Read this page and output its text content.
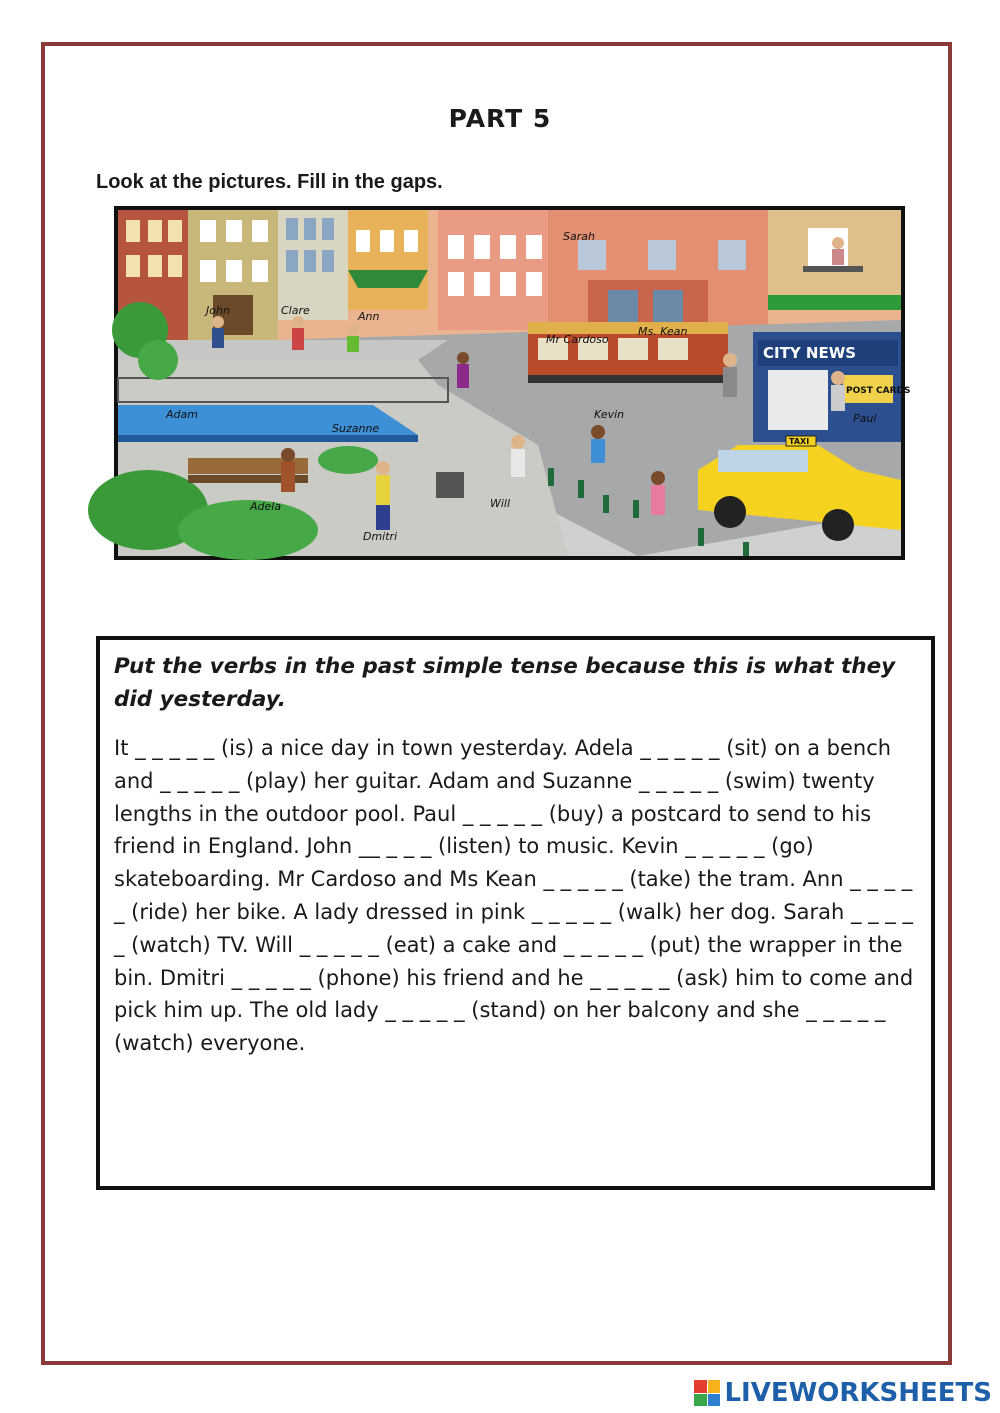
PART 5
Look at the pictures. Fill in the gaps.
John	Clare	Ann
Sarah
Mr Cardoso
Ms. Kean
Adam
Suzanne
Kevin	Paul
Adela	Will
Dmitri
CITY NEWS
POST CARDS
TAXI

Put the verbs in the past simple tense because this is what they did yesterday.

It _ _ _ _ _ (is) a nice day in town yesterday. Adela _ _ _ _ _ (sit) on a bench and _ _ _ _ _ (play) her guitar. Adam and Suzanne _ _ _ _ _ (swim) twenty lengths in the outdoor pool. Paul _ _ _ _ _ (buy) a postcard to send to his friend in England. John __ _ _ _ (listen) to music. Kevin _ _ _ _ _ (go) skateboarding. Mr Cardoso and Ms Kean _ _ _ _ _ (take) the tram. Ann _ _ _ _ _ (ride) her bike. A lady dressed in pink _ _ _ _ _ (walk) her dog. Sarah _ _ _ _ _ (watch) TV. Will _ _ _ _ _ (eat) a cake and _ _ _ _ _ (put) the wrapper in the bin. Dmitri _ _ _ _ _ (phone) his friend and he _ _ _ _ _ (ask) him to come and pick him up. The old lady _ _ _ _ _ (stand) on her balcony and she _ _ _ _ _ (watch) everyone.

LIVEWORKSHEETS
